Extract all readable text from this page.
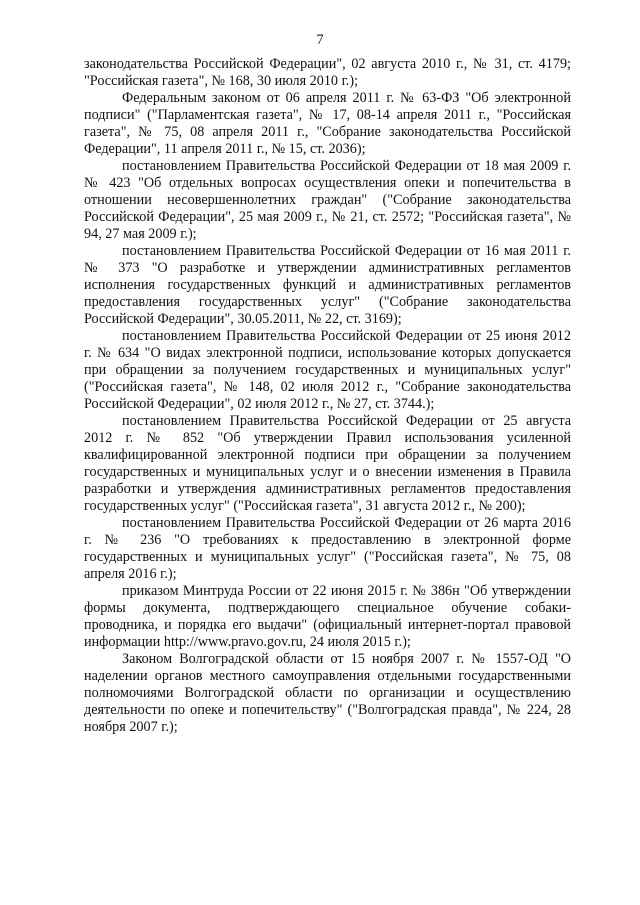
7

законодательства Российской Федерации", 02 августа 2010 г., № 31, ст. 4179; "Российская газета", № 168, 30 июля 2010 г.);

Федеральным законом от 06 апреля 2011 г. № 63-ФЗ "Об электронной подписи" ("Парламентская газета", № 17, 08-14 апреля 2011 г., "Российская газета", № 75, 08 апреля 2011 г., "Собрание законодательства Российской Федерации", 11 апреля 2011 г., № 15, ст. 2036);

постановлением Правительства Российской Федерации от 18 мая 2009 г. № 423 "Об отдельных вопросах осуществления опеки и попечительства в отношении несовершеннолетних граждан" ("Собрание законодательства Российской Федерации", 25 мая 2009 г., № 21, ст. 2572; "Российская газета", № 94, 27 мая 2009 г.);

постановлением Правительства Российской Федерации от 16 мая 2011 г. № 373 "О разработке и утверждении административных регламентов исполнения государственных функций и административных регламентов предоставления государственных услуг" ("Собрание законодательства Российской Федерации", 30.05.2011, № 22, ст. 3169);

постановлением Правительства Российской Федерации от 25 июня 2012 г. № 634 "О видах электронной подписи, использование которых допускается при обращении за получением государственных и муниципальных услуг" ("Российская газета", № 148, 02 июля 2012 г., "Собрание законодательства Российской Федерации", 02 июля 2012 г., № 27, ст. 3744.);

постановлением Правительства Российской Федерации от 25 августа 2012 г. № 852 "Об утверждении Правил использования усиленной квалифицированной электронной подписи при обращении за получением государственных и муниципальных услуг и о внесении изменения в Правила разработки и утверждения административных регламентов предоставления государственных услуг" ("Российская газета", 31 августа 2012 г., № 200);

постановлением Правительства Российской Федерации от 26 марта 2016 г. № 236 "О требованиях к предоставлению в электронной форме государственных и муниципальных услуг" ("Российская газета", № 75, 08 апреля 2016 г.);

приказом Минтруда России от 22 июня 2015 г. № 386н "Об утверждении формы документа, подтверждающего специальное обучение собаки-проводника, и порядка его выдачи" (официальный интернет-портал правовой информации http://www.pravo.gov.ru, 24 июля 2015 г.);

Законом Волгоградской области от 15 ноября 2007 г. № 1557-ОД "О наделении органов местного самоуправления отдельными государственными полномочиями Волгоградской области по организации и осуществлению деятельности по опеке и попечительству" ("Волгоградская правда", № 224, 28 ноября 2007 г.);
